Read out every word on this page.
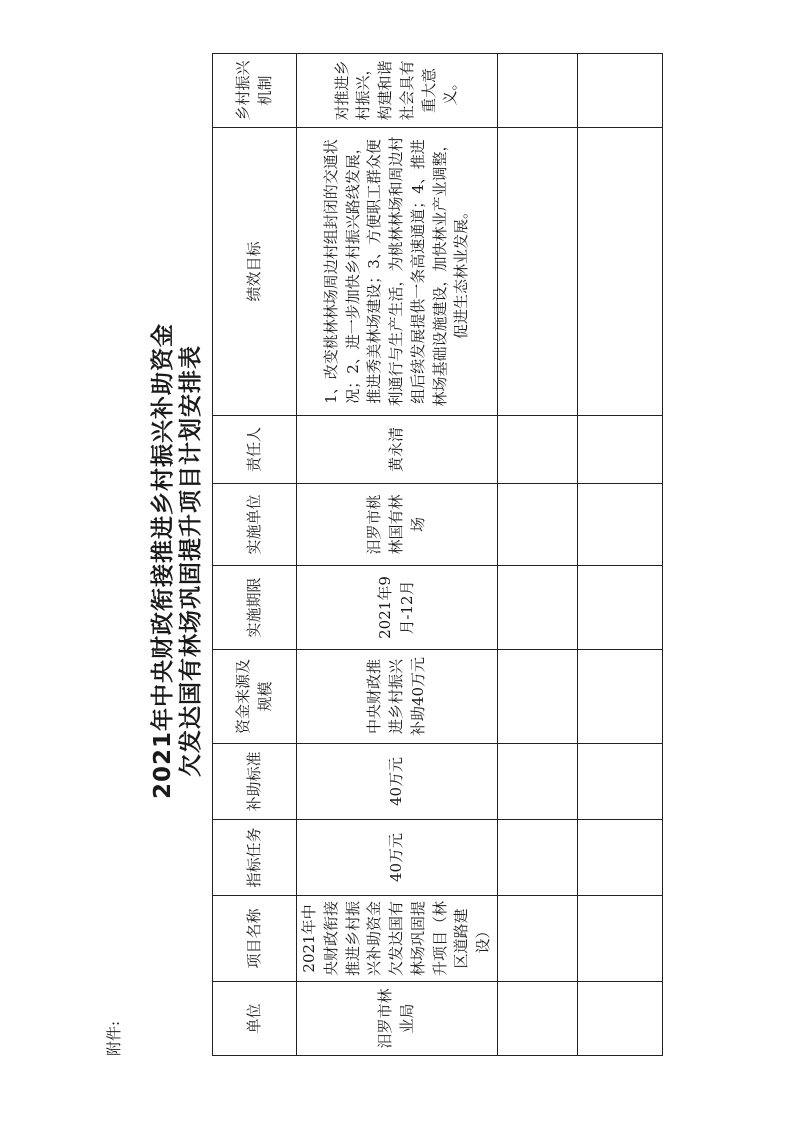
附件:
2021年中央财政衔接推进乡村振兴补助资金 欠发达国有林场巩固提升项目计划安排表
单位	项目名称	指标任务	补助标准	资金来源及规模	实施期限	实施单位	责任人	绩效目标	乡村振兴机制
汨罗市林业局	2021年中央财政衔接推进乡村振兴补助资金欠发达国有林场巩固提升项目（林区道路建设）	40万元	40万元	中央财政推进乡村振兴补助40万元	2021年9月-12月	汨罗市桃林国有林场	黄永清	1、改变桃林林场周边村组封闭的交通状况；2、进一步加快乡村振兴路线发展，推进秀美林场建设；3、方便职工群众便利通行与生产生活，为桃林林场和周边村组后续发展提供一条高速通道；4、推进林场基础设施建设，加快林业产业调整，促进生态林业发展。	对推进乡村振兴，构建和谐社会具有重大意义。
